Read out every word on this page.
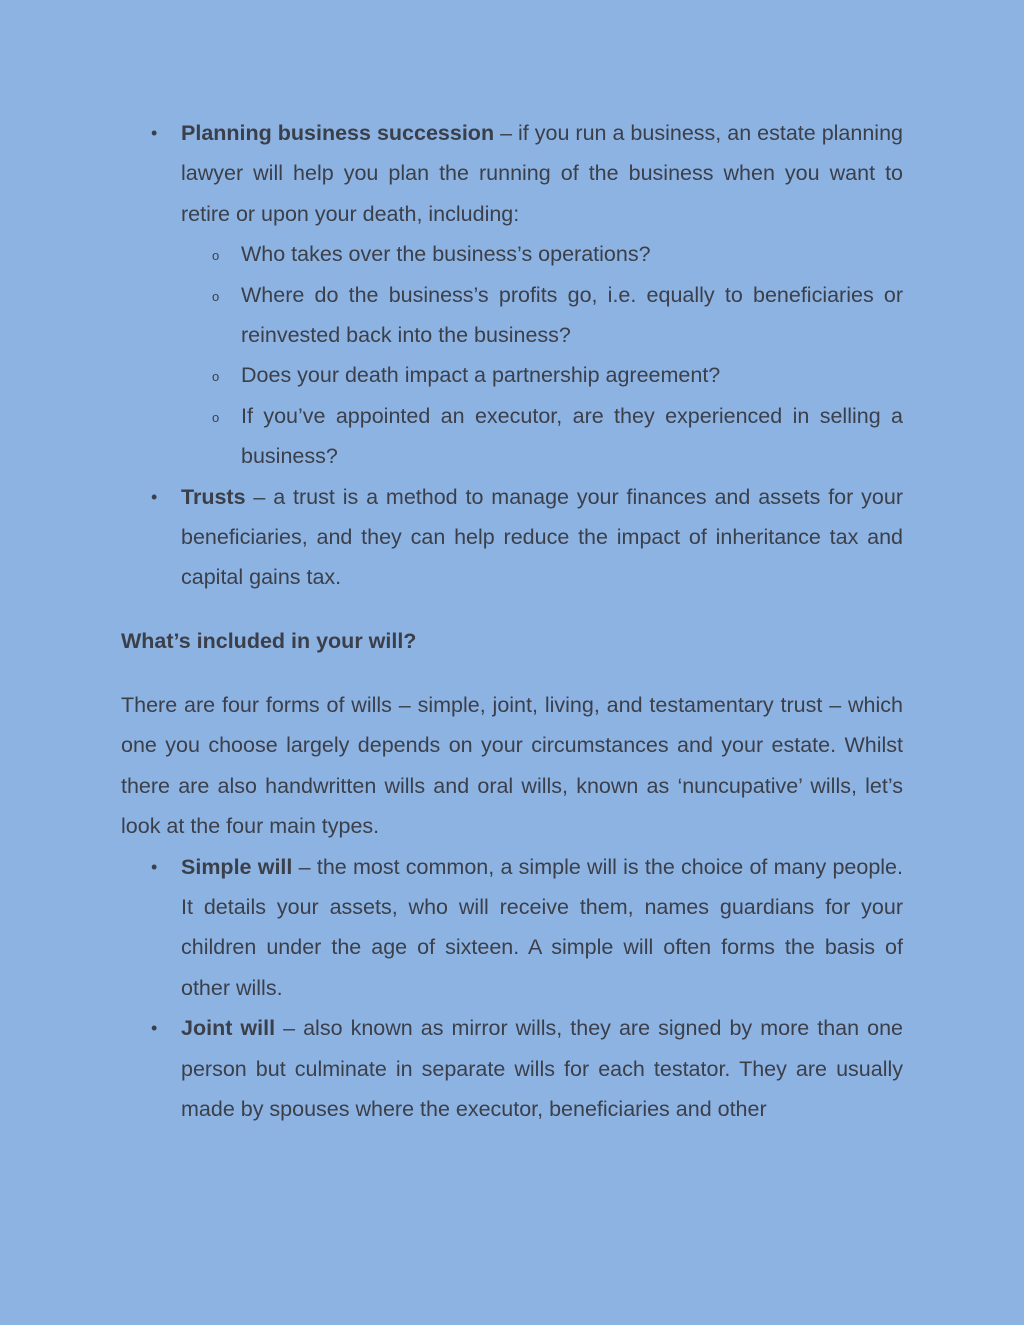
• Planning business succession – if you run a business, an estate planning lawyer will help you plan the running of the business when you want to retire or upon your death, including:
o Who takes over the business’s operations?
o Where do the business’s profits go, i.e. equally to beneficiaries or reinvested back into the business?
o Does your death impact a partnership agreement?
o If you’ve appointed an executor, are they experienced in selling a business?
• Trusts – a trust is a method to manage your finances and assets for your beneficiaries, and they can help reduce the impact of inheritance tax and capital gains tax.
What’s included in your will?

There are four forms of wills – simple, joint, living, and testamentary trust – which one you choose largely depends on your circumstances and your estate. Whilst there are also handwritten wills and oral wills, known as ‘nuncupative’ wills, let’s look at the four main types.

• Simple will – the most common, a simple will is the choice of many people. It details your assets, who will receive them, names guardians for your children under the age of sixteen. A simple will often forms the basis of other wills.
• Joint will – also known as mirror wills, they are signed by more than one person but culminate in separate wills for each testator. They are usually made by spouses where the executor, beneficiaries and other
